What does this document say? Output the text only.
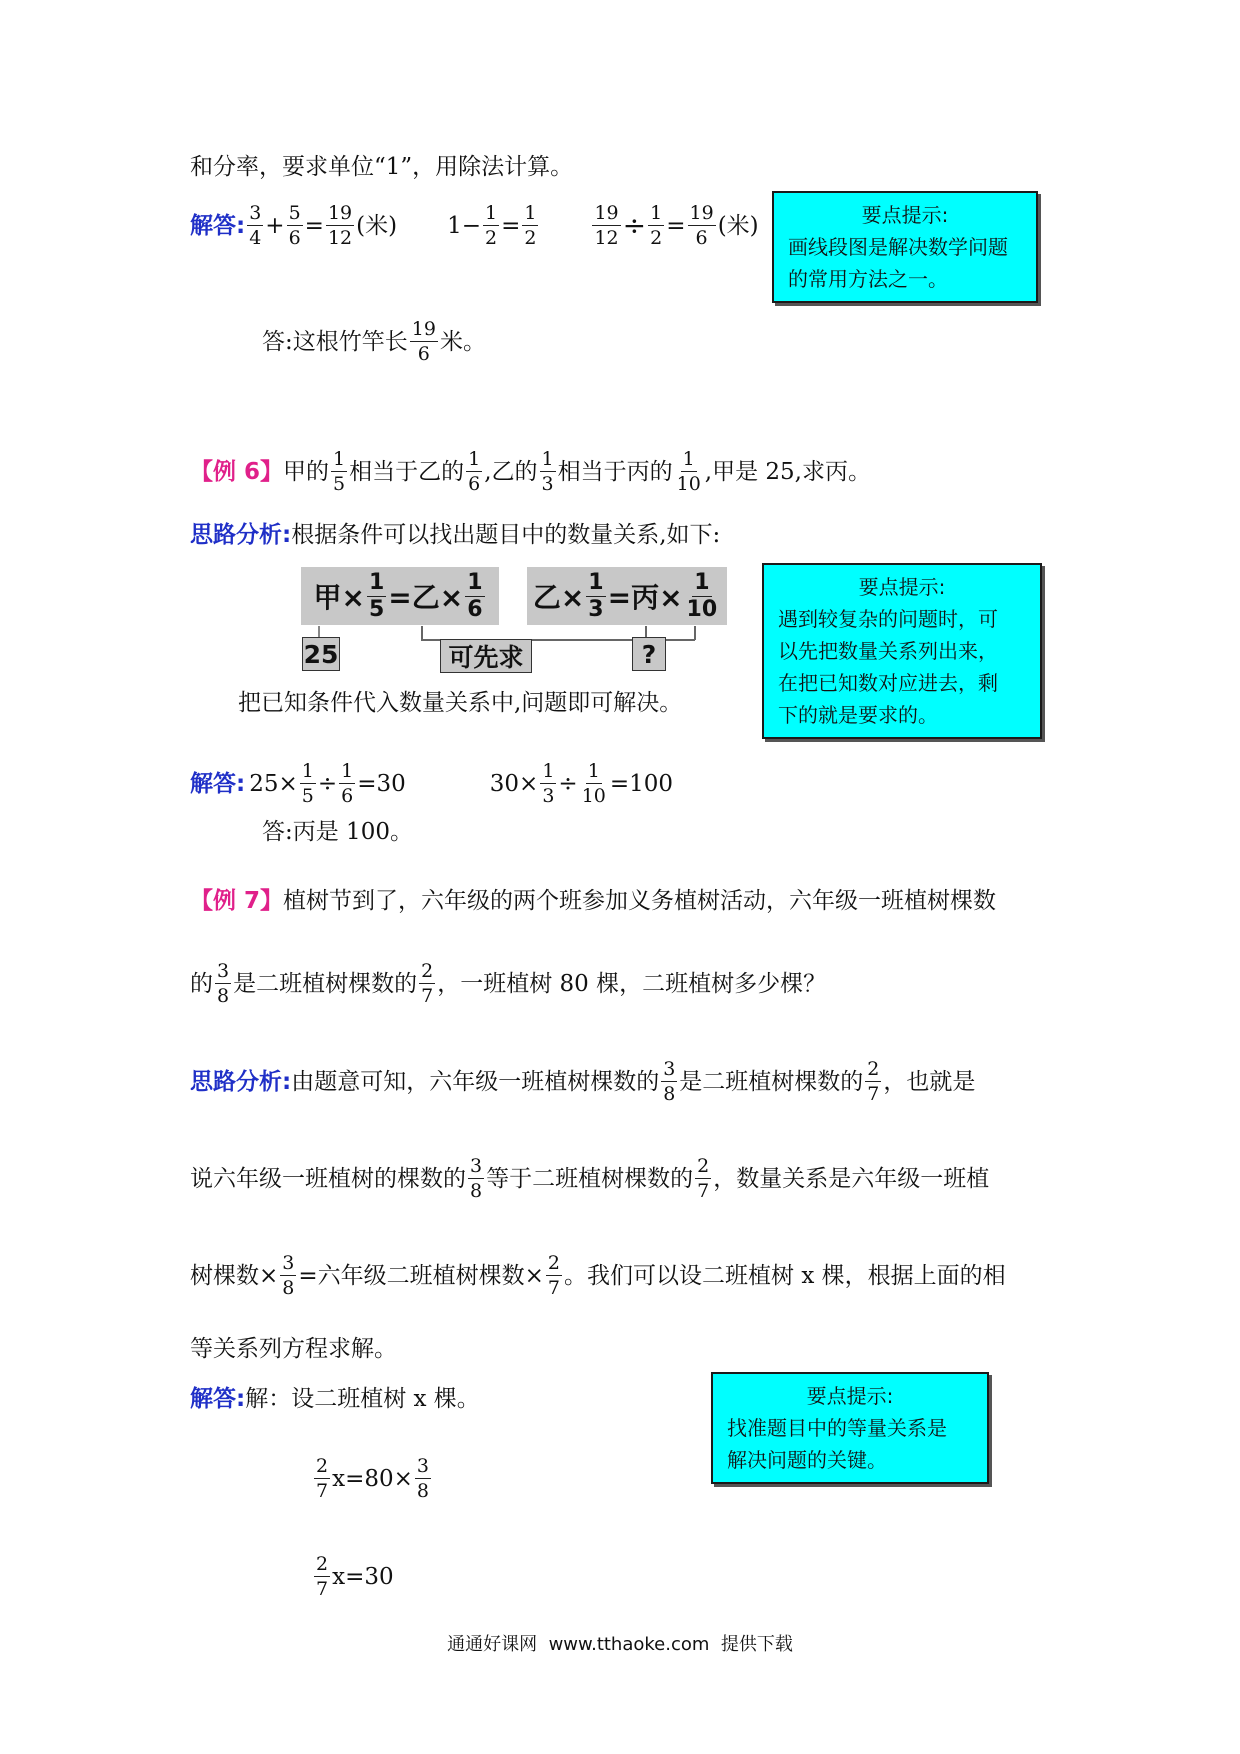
和分率，要求单位“1”，用除法计算。
解答: $\frac{3}{4} + \frac{5}{6} = \frac{19}{12}$ (米) $1- \frac{1}{2} = \frac{1}{2}$	$\frac{19}{12} \div \frac{1}{2} = \frac{19}{6}$ (米)
答:这根竹竿长 $\frac{19}{6}$ 米。
要点提示:
画线段图是解决数学问题
的常用方法之一。
【例 6】 甲的 $\frac{1}{5}$ 相当于乙的 $\frac{1}{6}$ ,乙的 $\frac{1}{3}$ 相当于丙的 $\frac{1}{10}$ ,甲是 25,求丙。
思路分析:根据条件可以找出题目中的数量关系,如下:
甲× $\frac{1}{5}$ =乙× $\frac{1}{6}$ 乙× $\frac{1}{3}$ =丙× $\frac{1}{10}$
25	可先求	?
把已知条件代入数量关系中,问题即可解决。
解答: $25\times \frac{1}{5} \div \frac{1}{6} =30$	$30\times \frac{1}{3} \div \frac{1}{10} =100$
答:丙是 100。
要点提示:
遇到较复杂的问题时，可
以先把数量关系列出来，
在把已知数对应进去，剩
下的就是要求的。
【例 7】植树节到了，六年级的两个班参加义务植树活动，六年级一班植树棵数
的 $\frac{3}{8}$ 是二班植树棵数的 $\frac{2}{7}$ ，一班植树 80 棵，二班植树多少棵？
思路分析: 由题意可知，六年级一班植树棵数的 $\frac{3}{8}$ 是二班植树棵数的 $\frac{2}{7}$ ，也就是
说六年级一班植树的棵数的 $\frac{3}{8}$ 等于二班植树棵数的 $\frac{2}{7}$ ，数量关系是六年级一班植
树棵数× $\frac{3}{8}$ =六年级二班植树棵数× $\frac{2}{7}$ 。我们可以设二班植树 x 棵，根据上面的相
等关系列方程求解。
解答:解：设二班植树 x 棵。
$\frac{2}{7} x=80\times \frac{3}{8}$
$\frac{2}{7} x=30$
要点提示:
找准题目中的等量关系是
解决问题的关键。
通通好课网  www.tthaoke.com  提供下载
